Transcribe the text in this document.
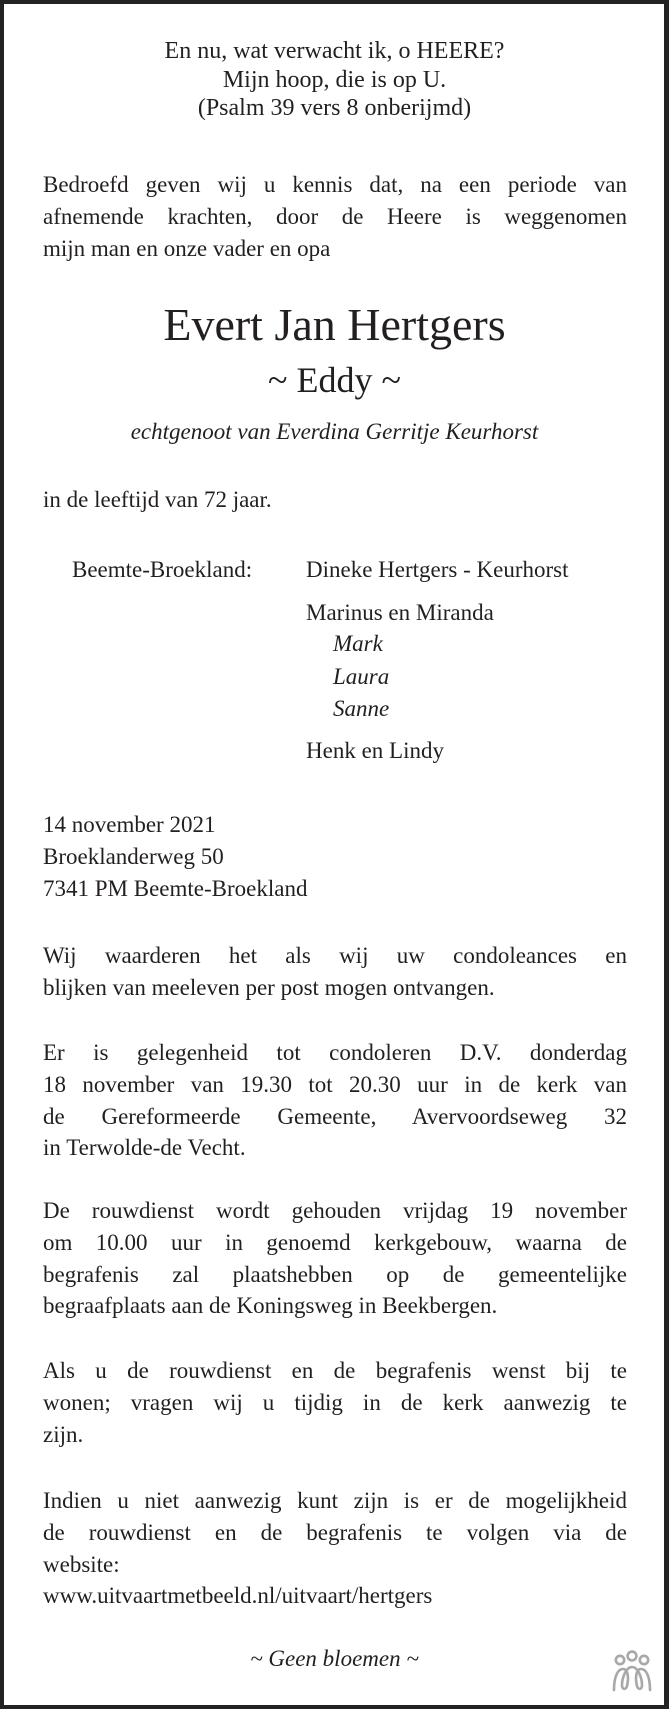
En nu, wat verwacht ik, o HEERE?
Mijn hoop, die is op U.
(Psalm 39 vers 8 onberijmd)
Bedroefd geven wij u kennis dat, na een periode van
afnemende krachten, door de Heere is weggenomen
mijn man en onze vader en opa
Evert Jan Hertgers
~ Eddy ~
echtgenoot van Everdina Gerritje Keurhorst
in de leeftijd van 72 jaar.
Beemte-Broekland: Dineke Hertgers - Keurhorst
Marinus en Miranda
Mark
Laura
Sanne
Henk en Lindy
14 november 2021
Broeklanderweg 50
7341 PM Beemte-Broekland
Wij waarderen het als wij uw condoleances en
blijken van meeleven per post mogen ontvangen.
Er is gelegenheid tot condoleren D.V. donderdag
18 november van 19.30 tot 20.30 uur in de kerk van
de Gereformeerde Gemeente, Avervoordseweg 32
in Terwolde-de Vecht.
De rouwdienst wordt gehouden vrijdag 19 november
om 10.00 uur in genoemd kerkgebouw, waarna de
begrafenis zal plaatshebben op de gemeentelijke
begraafplaats aan de Koningsweg in Beekbergen.
Als u de rouwdienst en de begrafenis wenst bij te
wonen; vragen wij u tijdig in de kerk aanwezig te
zijn.
Indien u niet aanwezig kunt zijn is er de mogelijkheid
de rouwdienst en de begrafenis te volgen via de
website:
www.uitvaartmetbeeld.nl/uitvaart/hertgers
~ Geen bloemen ~
